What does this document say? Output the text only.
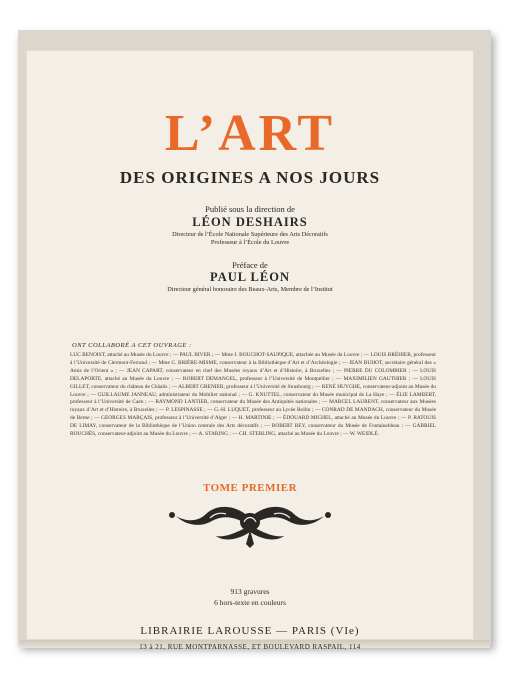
L’ART
DES ORIGINES A NOS JOURS
Publié sous la direction de
LÉON DESHAIRS
Directeur de l’École Nationale Supérieure des Arts Décoratifs
Professeur à l’École du Louvre
Préface de
PAUL LÉON
Directeur général honoraire des Beaux-Arts, Membre de l’Institut
ONT COLLABORÉ A CET OUVRAGE :
LUC BENOIST, attaché au Musée du Louvre ; — PAUL BIVER ; — Mme J. BOUCHOT-SAUPIQUE, attachée au Musée du Louvre ; — LOUIS BRÉHIER, professeur à l’Université de Clermont-Ferrand ; — Mme C. BRIÈRE-MISME, conservateur à la Bibliothèque d’Art et d’Archéologie ; — JEAN BUHOT, secrétaire général des « Amis de l’Orient » ; — JEAN CAPART, conservateur en chef des Musées royaux d’Art et d’Histoire, à Bruxelles ; — PIERRE DU COLOMBIER ; — LOUIS DELAPORTE, attaché au Musée du Louvre ; — ROBERT DEMANGEL, professeur à l’Université de Montpellier ; — MAXIMILIEN GAUTHIER ; — LOUIS GILLET, conservateur du château de Châalis ; — ALBERT GRENIER, professeur à l’Université de Strasbourg ; — RENÉ HUYGHE, conservateur-adjoint au Musée du Louvre ; — GUILLAUME JANNEAU, administrateur du Mobilier national ; — G. KNUTTEL, conservateur du Musée municipal de La Haye ; — ÉLIE LAMBERT, professeur à l’Université de Caen ; — RAYMOND LANTIER, conservateur du Musée des Antiquités nationales ; — MARCEL LAURENT, conservateur aux Musées royaux d’Art et d’Histoire, à Bruxelles ; — P. LESPINASSE ; — G.-H. LUQUET, professeur au Lycée Rollin ; — CONRAD DE MANDACH, conservateur du Musée de Berne ; — GEORGES MARÇAIS, professeur à l’Université d’Alger ; — H. MARTINIE ; — ÉDOUARD MICHEL, attaché au Musée du Louvre ; — P. RATOUIS DE LIMAY, conservateur de la Bibliothèque de l’Union centrale des Arts décoratifs ; — ROBERT REY, conservateur du Musée de Fontainebleau ; — GABRIEL ROUCHÈS, conservateur-adjoint au Musée du Louvre ; — A. STARING ; — CH. STERLING, attaché au Musée du Louvre ; — W. WEIDLÉ.
TOME PREMIER
913 gravures
6 hors-texte en couleurs
LIBRAIRIE LAROUSSE — PARIS (VIe)
13 à 21, RUE MONTPARNASSE, ET BOULEVARD RASPAIL, 114
